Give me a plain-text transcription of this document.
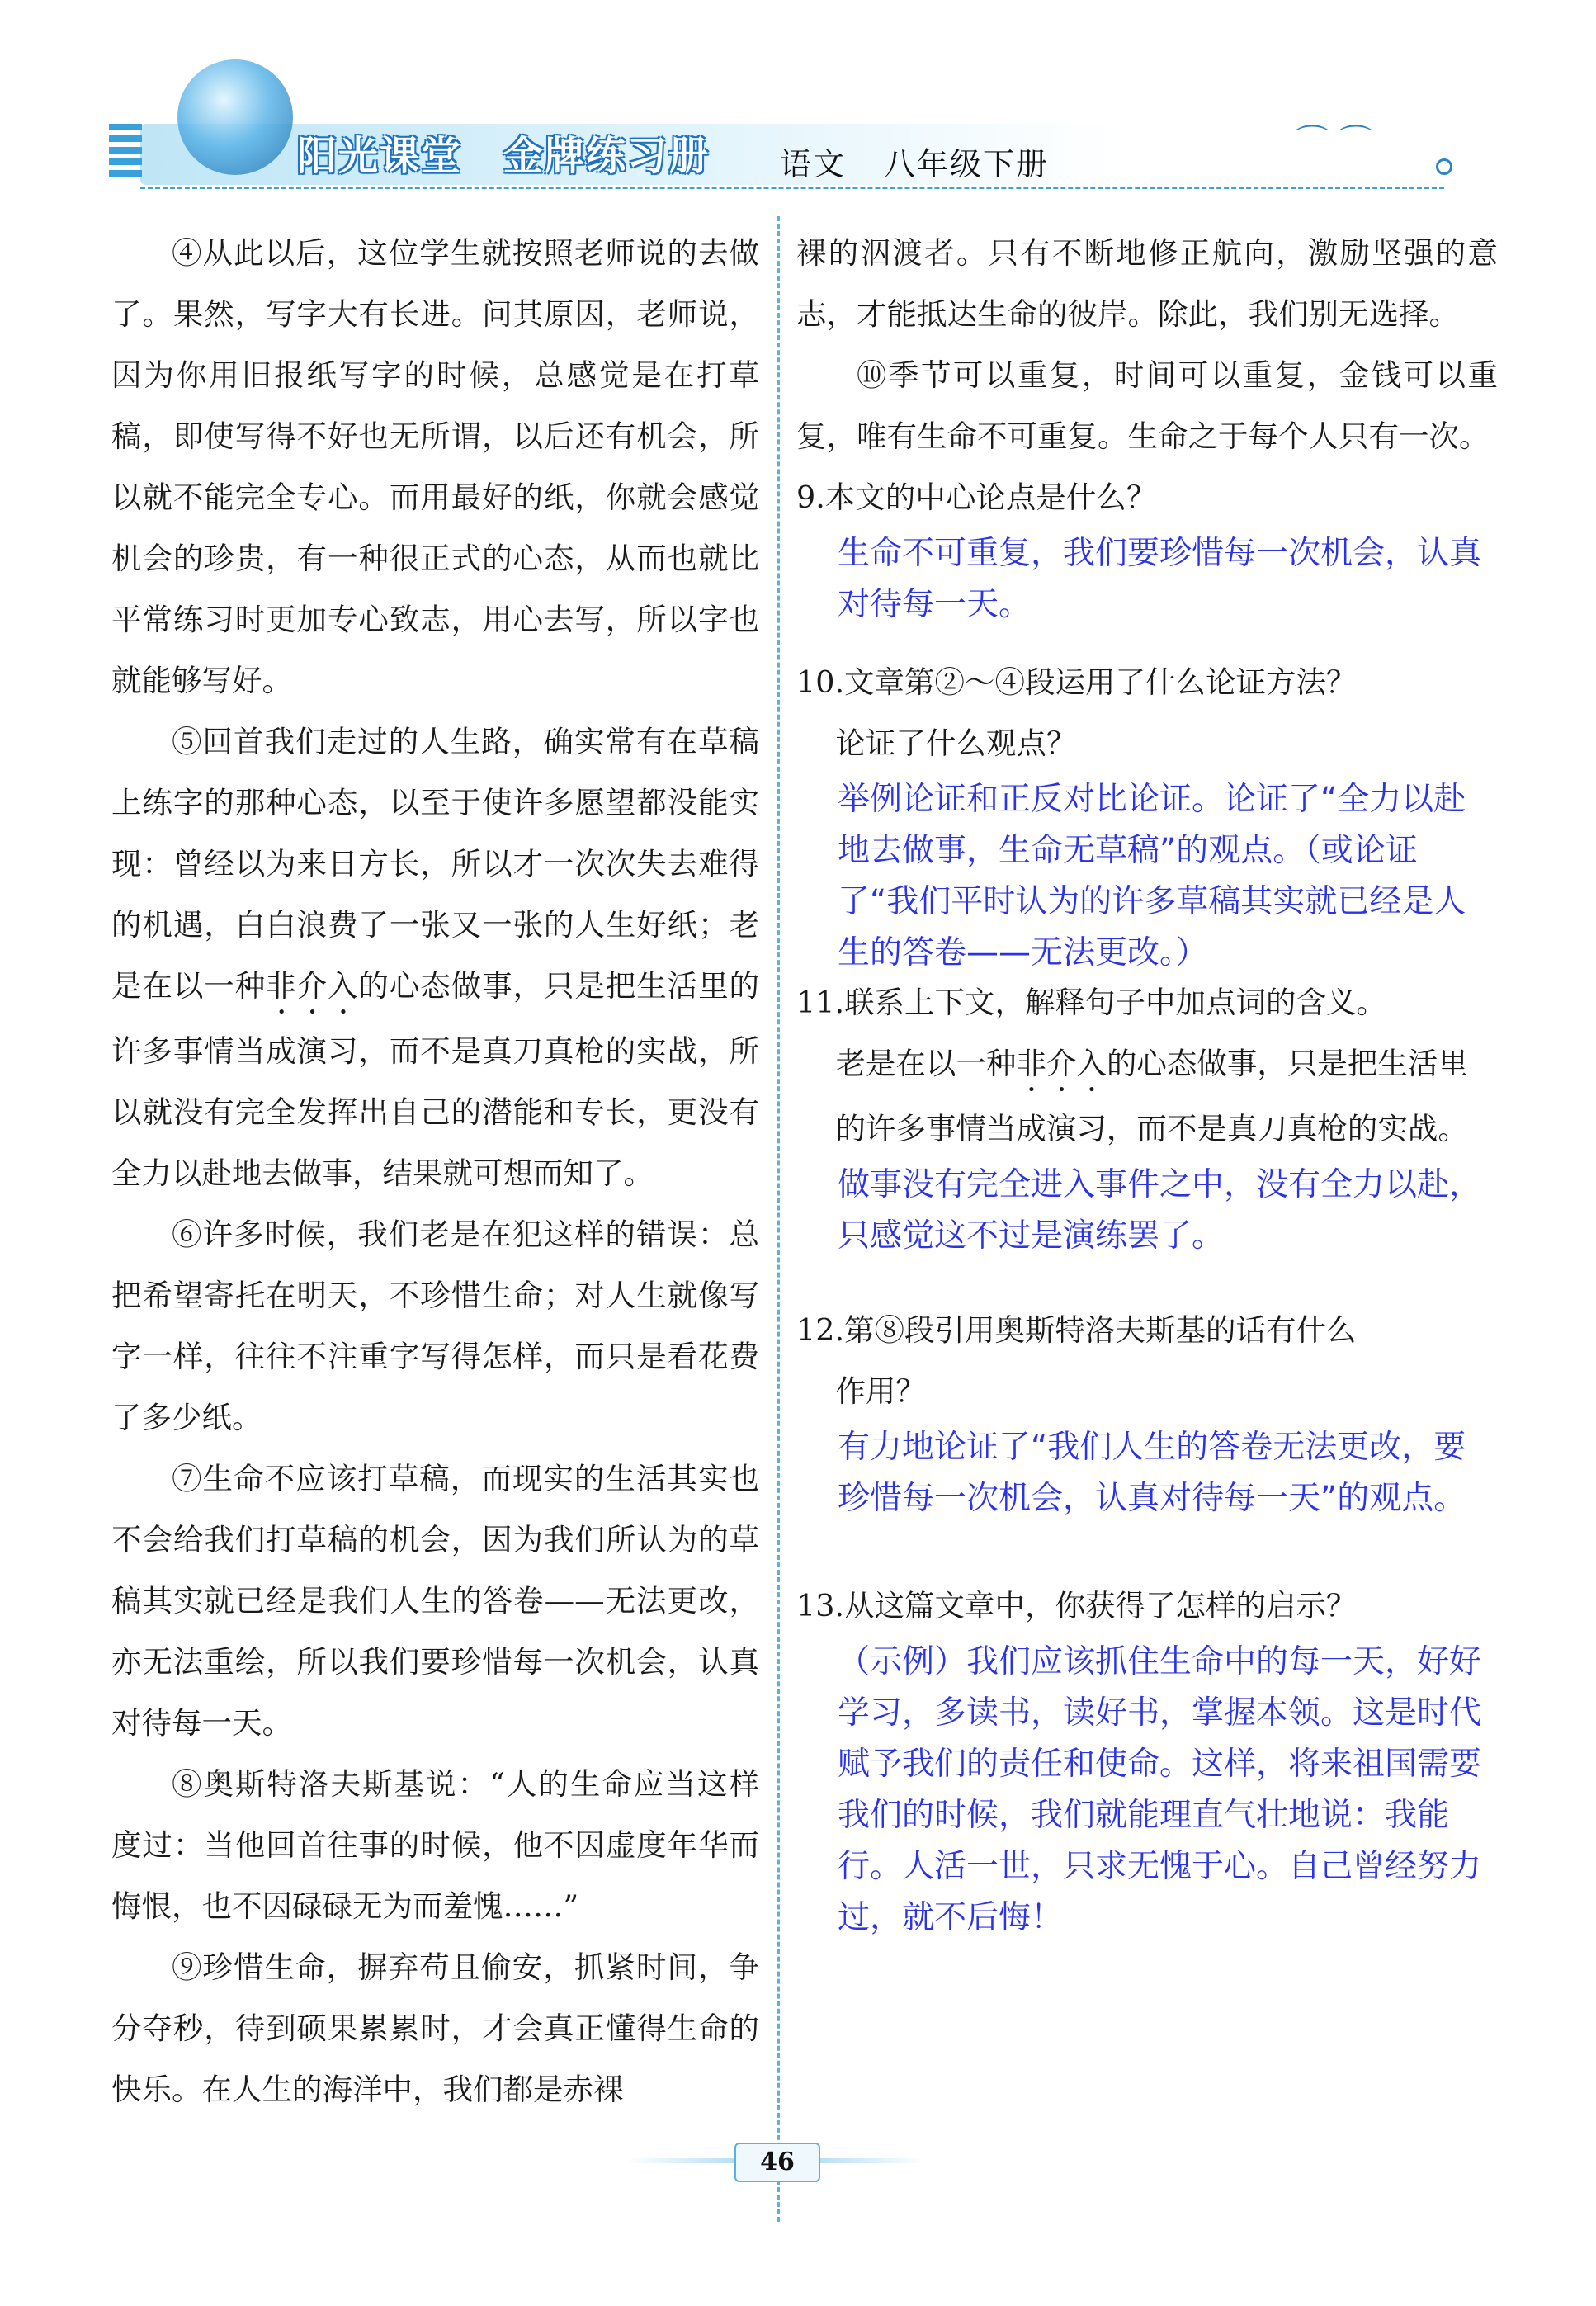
阳光课堂 金牌练习册 语文 八年级下册
⌒ ⌒

④从此以后，这位学生就按照老师说的去做了。果然，写字大有长进。问其原因，老师说，因为你用旧报纸写字的时候，总感觉是在打草稿，即使写得不好也无所谓，以后还有机会，所以就不能完全专心。而用最好的纸，你就会感觉机会的珍贵，有一种很正式的心态，从而也就比平常练习时更加专心致志，用心去写，所以字也就能够写好。

⑤回首我们走过的人生路，确实常有在草稿上练字的那种心态，以至于使许多愿望都没能实现：曾经以为来日方长，所以才一次次失去难得的机遇，白白浪费了一张又一张的人生好纸；老是在以一种非介入的心态做事，只是把生活里的许多事情当成演习，而不是真刀真枪的实战，所以就没有完全发挥出自己的潜能和专长，更没有全力以赴地去做事，结果就可想而知了。

⑥许多时候，我们老是在犯这样的错误：总把希望寄托在明天，不珍惜生命；对人生就像写字一样，往往不注重字写得怎样，而只是看花费了多少纸。

⑦生命不应该打草稿，而现实的生活其实也不会给我们打草稿的机会，因为我们所认为的草稿其实就已经是我们人生的答卷——无法更改，亦无法重绘，所以我们要珍惜每一次机会，认真对待每一天。

⑧奥斯特洛夫斯基说：“人的生命应当这样度过：当他回首往事的时候，他不因虚度年华而悔恨，也不因碌碌无为而羞愧……”

⑨珍惜生命，摒弃苟且偷安，抓紧时间，争分夺秒，待到硕果累累时，才会真正懂得生命的快乐。在人生的海洋中，我们都是赤裸

裸的泅渡者。只有不断地修正航向，激励坚强的意志，才能抵达生命的彼岸。除此，我们别无选择。

⑩季节可以重复，时间可以重复，金钱可以重复，唯有生命不可重复。生命之于每个人只有一次。

9.本文的中心论点是什么？

生命不可重复，我们要珍惜每一次机会，认真对待每一天。

10.文章第②～④段运用了什么论证方法？

论证了什么观点？

举例论证和正反对比论证。论证了“全力以赴地去做事，生命无草稿”的观点。（或论证了“我们平时认为的许多草稿其实就已经是人生的答卷——无法更改。）

11.联系上下文，解释句子中加点词的含义。

老是在以一种非介入的心态做事，只是把生活里的许多事情当成演习，而不是真刀真枪的实战。

做事没有完全进入事件之中，没有全力以赴，只感觉这不过是演练罢了。

12.第⑧段引用奥斯特洛夫斯基的话有什么

作用？

有力地论证了“我们人生的答卷无法更改，要珍惜每一次机会，认真对待每一天”的观点。

13.从这篇文章中，你获得了怎样的启示？

（示例）我们应该抓住生命中的每一天，好好学习，多读书，读好书，掌握本领。这是时代赋予我们的责任和使命。这样，将来祖国需要我们的时候，我们就能理直气壮地说：我能行。人活一世，只求无愧于心。自己曾经努力过，就不后悔！

46
